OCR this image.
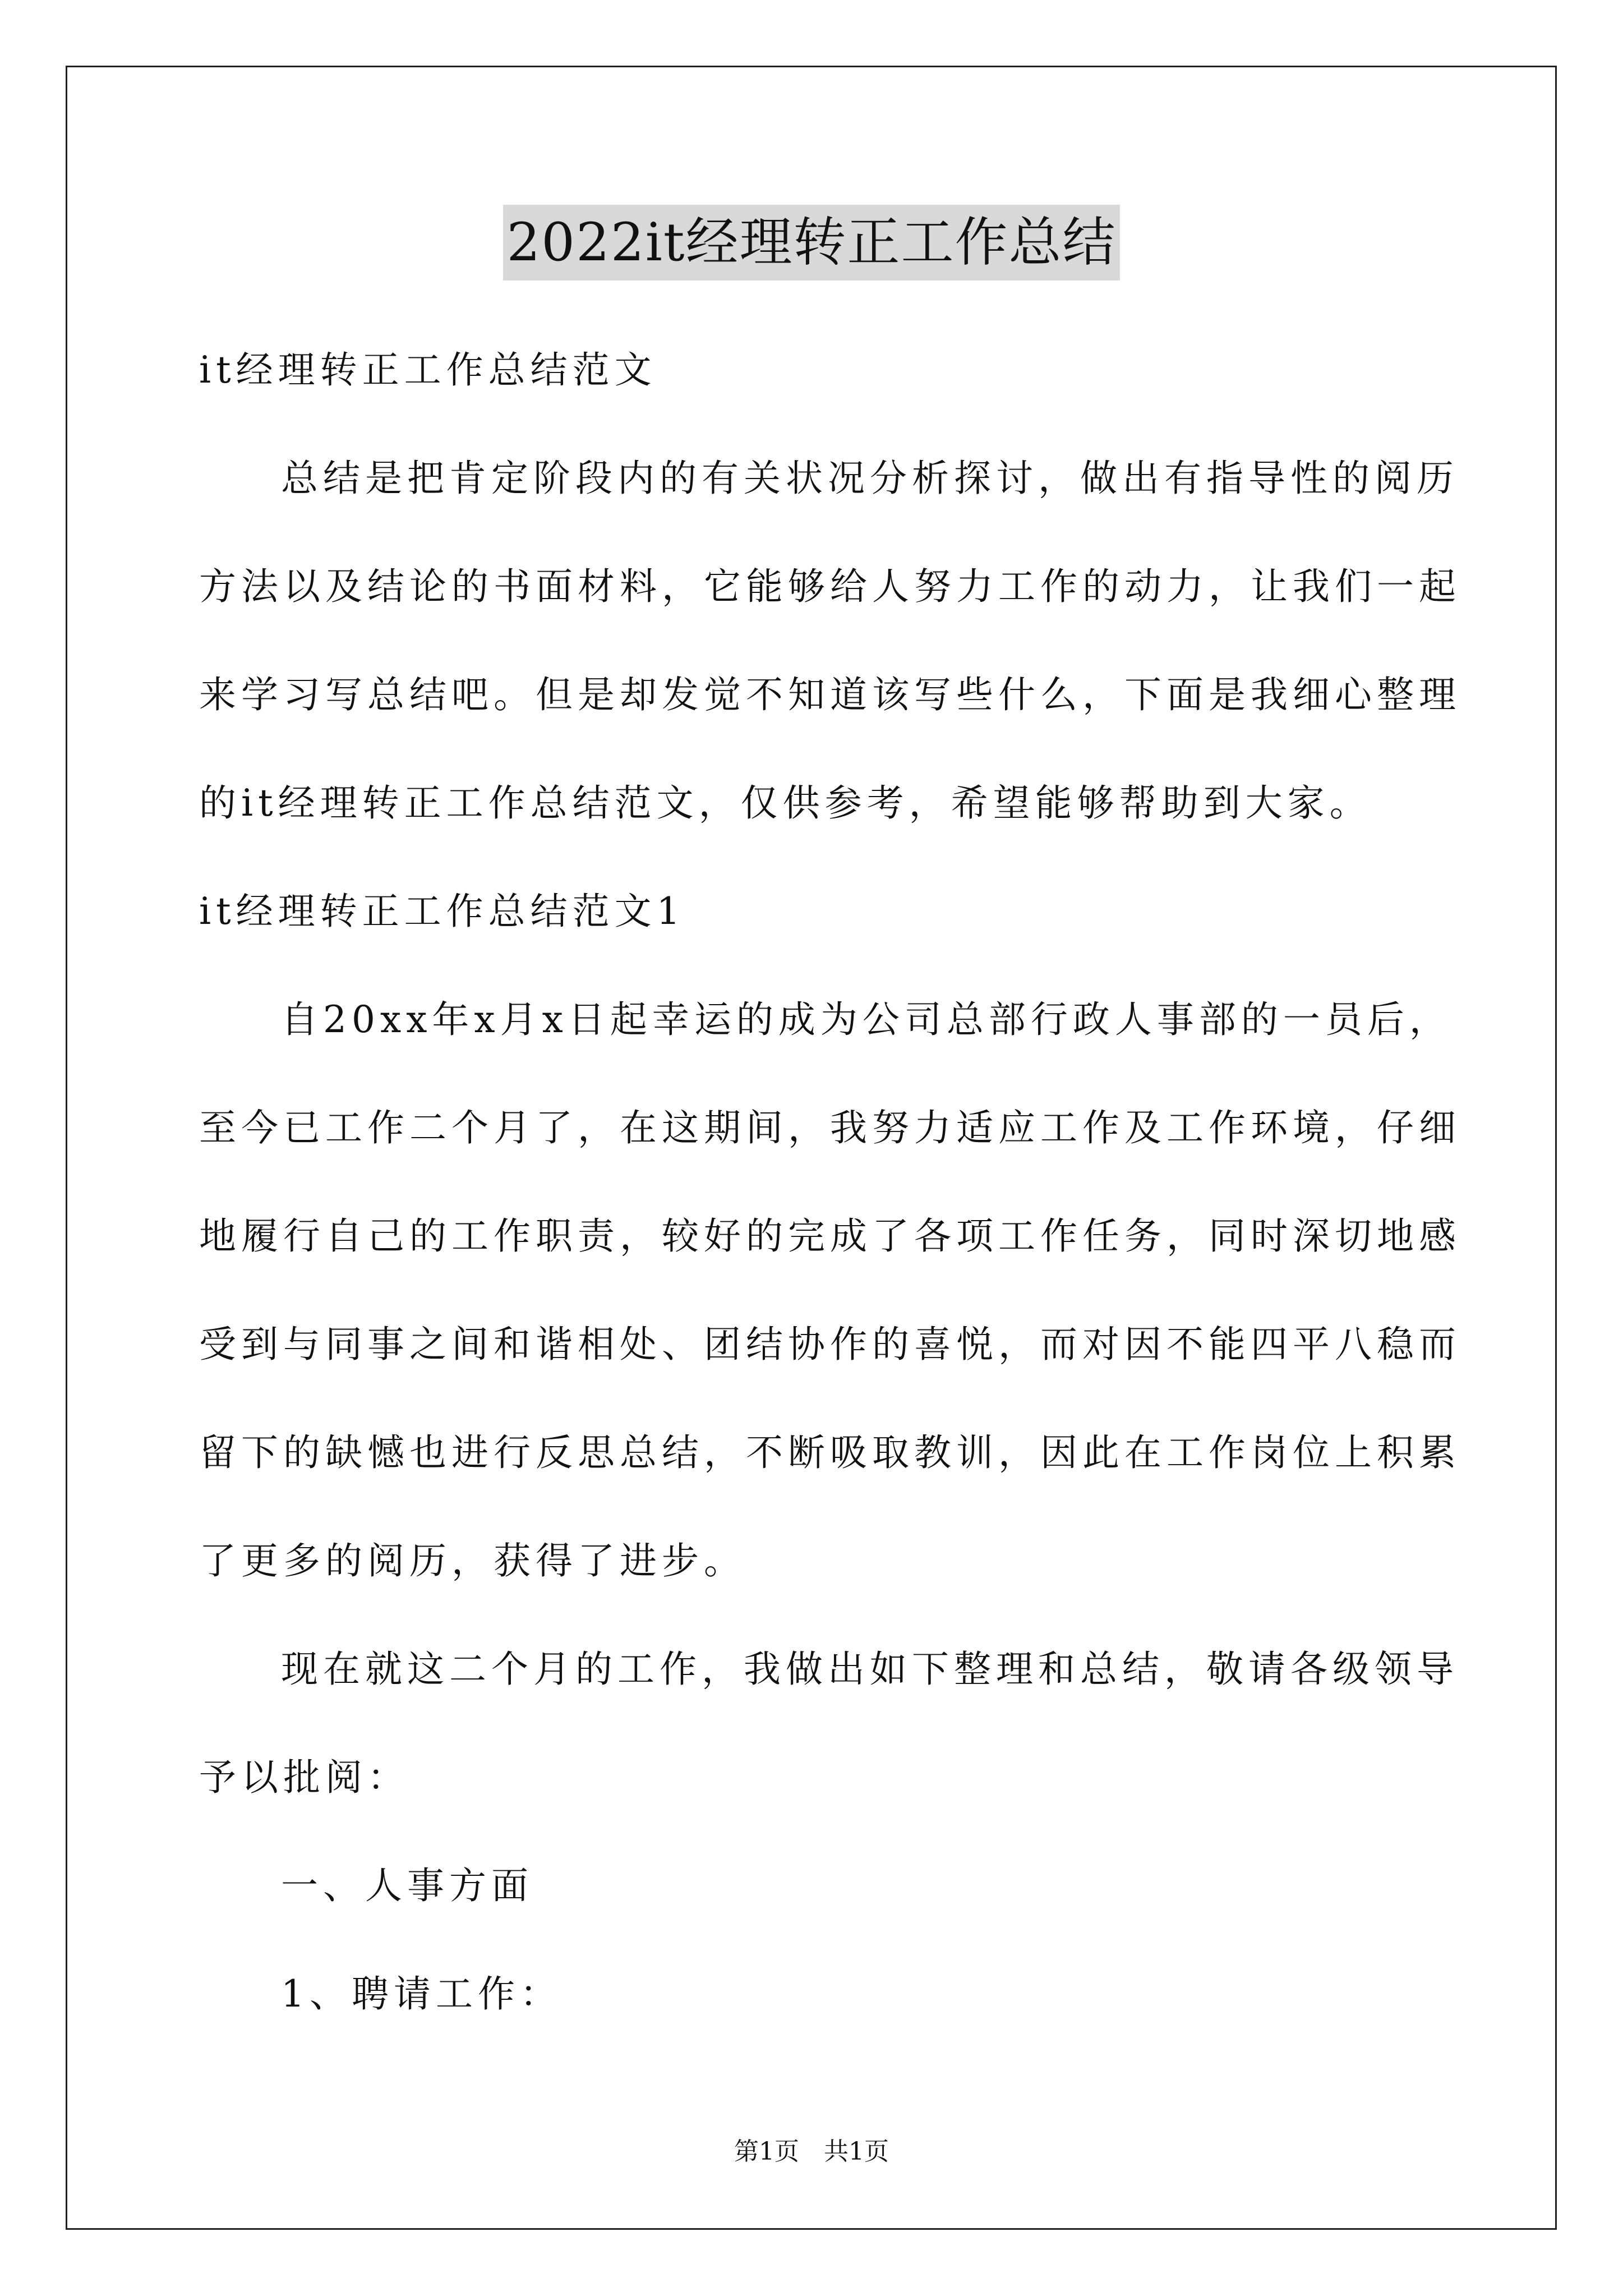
2022it经理转正工作总结
it经理转正工作总结范文
总结是把肯定阶段内的有关状况分析探讨，做出有指导性的阅历
方法以及结论的书面材料，它能够给人努力工作的动力，让我们一起
来学习写总结吧。但是却发觉不知道该写些什么，下面是我细心整理
的it经理转正工作总结范文，仅供参考，希望能够帮助到大家。
it经理转正工作总结范文1
自20xx年x月x日起幸运的成为公司总部行政人事部的一员后，
至今已工作二个月了，在这期间，我努力适应工作及工作环境，仔细
地履行自己的工作职责，较好的完成了各项工作任务，同时深切地感
受到与同事之间和谐相处、团结协作的喜悦，而对因不能四平八稳而
留下的缺憾也进行反思总结，不断吸取教训，因此在工作岗位上积累
了更多的阅历，获得了进步。
现在就这二个月的工作，我做出如下整理和总结，敬请各级领导
予以批阅：
一、人事方面
1、聘请工作：
第1页　共1页
